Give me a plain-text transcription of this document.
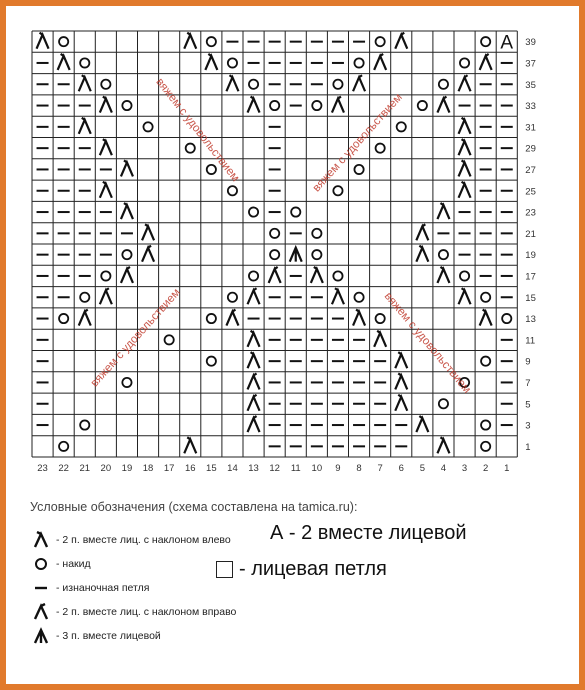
A 39
37
35
33
31
29
27
25
23
21
19
17
15
13
11
9
7
5
3
1
23 22 21 20 19 18 17 16 15 14 13 12 11 10 9 8 7 6 5 4 3 2 1
вяжем с удовольствием	вяжем с удовольствием
вяжем с удовольствием	вяжем с удовольствием
Условные обозначения (схема составлена на tamica.ru):
- 2 п. вместе лиц. с наклоном влево
- накид
- изнаночная петля
- 2 п. вместе лиц. с наклоном вправо
- 3 п. вместе лицевой
А - 2 вместе лицевой
- лицевая петля
